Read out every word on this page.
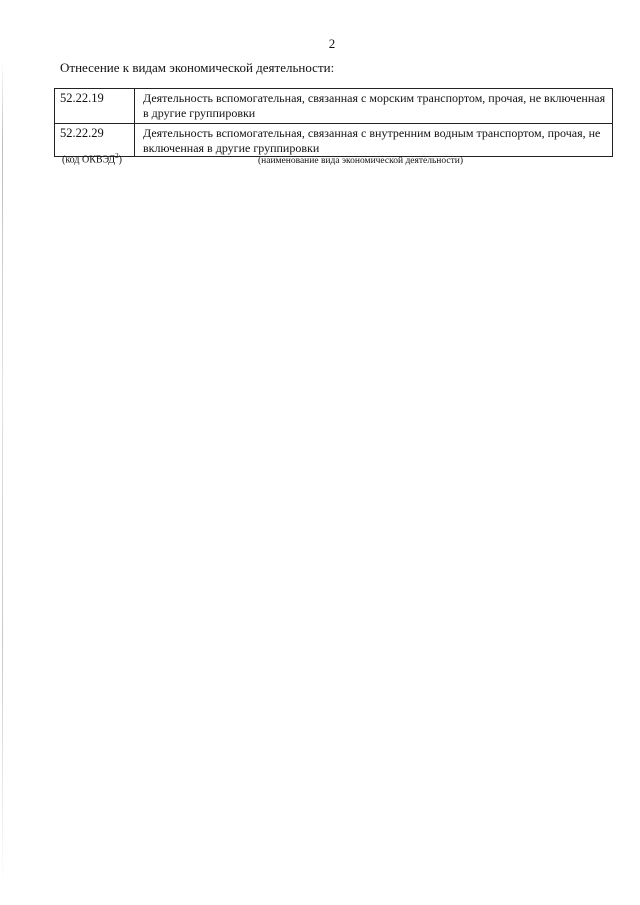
2
Отнесение к видам экономической деятельности:
52.22.19	Деятельность вспомогательная, связанная с морским транспортом, прочая, не включенная в другие группировки
52.22.29	Деятельность вспомогательная, связанная с внутренним водным транспортом, прочая, не включенная в другие группировки
(код ОКВЭД$^2$)	(наименование вида экономической деятельности)
